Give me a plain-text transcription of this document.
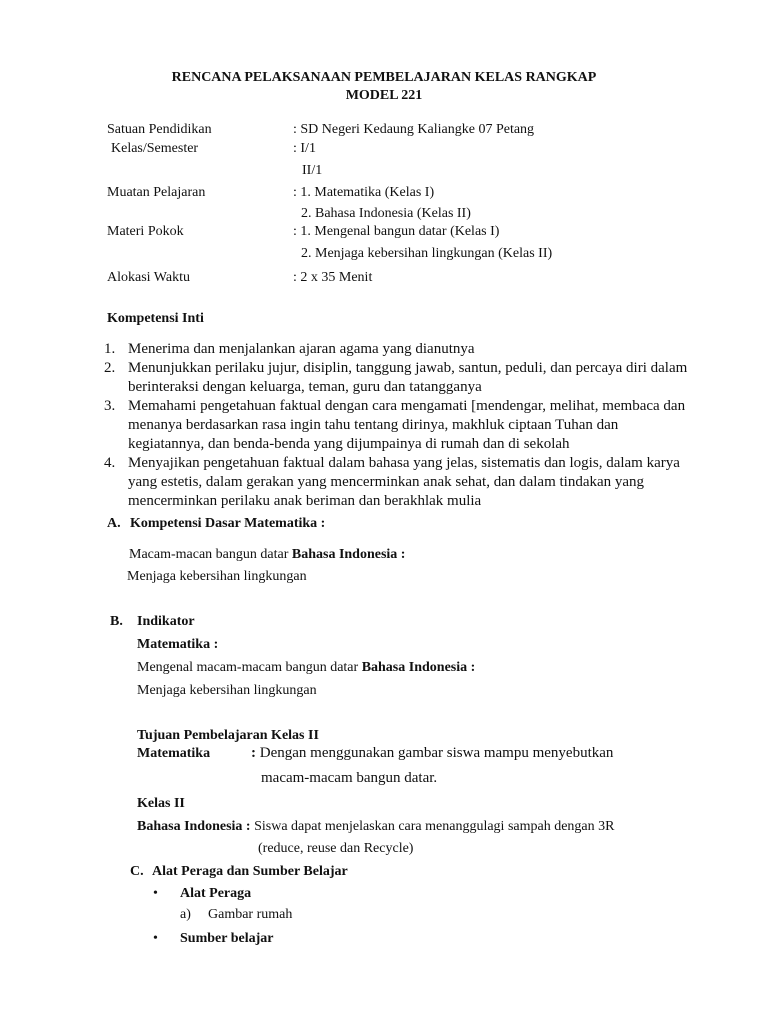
RENCANA PELAKSANAAN PEMBELAJARAN KELAS RANGKAP
MODEL 221
Satuan Pendidikan	: SD Negeri Kedaung Kaliangke 07 Petang
Kelas/Semester	: I/1
II/1
Muatan Pelajaran	: 1. Matematika (Kelas I)
2. Bahasa Indonesia (Kelas II)
Materi Pokok	: 1. Mengenal bangun datar (Kelas I)
2. Menjaga kebersihan lingkungan (Kelas II)
Alokasi Waktu	: 2 x 35 Menit
Kompetensi Inti
1. Menerima dan menjalankan ajaran agama yang dianutnya
2. Menunjukkan perilaku jujur, disiplin, tanggung jawab, santun, peduli, dan percaya diri dalam berinteraksi dengan keluarga, teman, guru dan tatangganya
3. Memahami pengetahuan faktual dengan cara mengamati [mendengar, melihat, membaca dan menanya berdasarkan rasa ingin tahu tentang dirinya, makhluk ciptaan Tuhan dan kegiatannya, dan benda-benda yang dijumpainya di rumah dan di sekolah
4. Menyajikan pengetahuan faktual dalam bahasa yang jelas, sistematis dan logis, dalam karya yang estetis, dalam gerakan yang mencerminkan anak sehat, dan dalam tindakan yang mencerminkan perilaku anak beriman dan berakhlak mulia
A. Kompetensi Dasar Matematika :
Macam-macan bangun datar Bahasa Indonesia :
Menjaga kebersihan lingkungan
B. Indikator
Matematika :
Mengenal macam-macam bangun datar Bahasa Indonesia :
Menjaga kebersihan lingkungan
Tujuan Pembelajaran Kelas II
Matematika	: Dengan menggunakan gambar siswa mampu menyebutkan
macam-macam bangun datar.
Kelas II
Bahasa Indonesia : Siswa dapat menjelaskan cara menanggulagi sampah dengan 3R
(reduce, reuse dan Recycle)
C. Alat Peraga dan Sumber Belajar
• Alat Peraga
a) Gambar rumah
• Sumber belajar
